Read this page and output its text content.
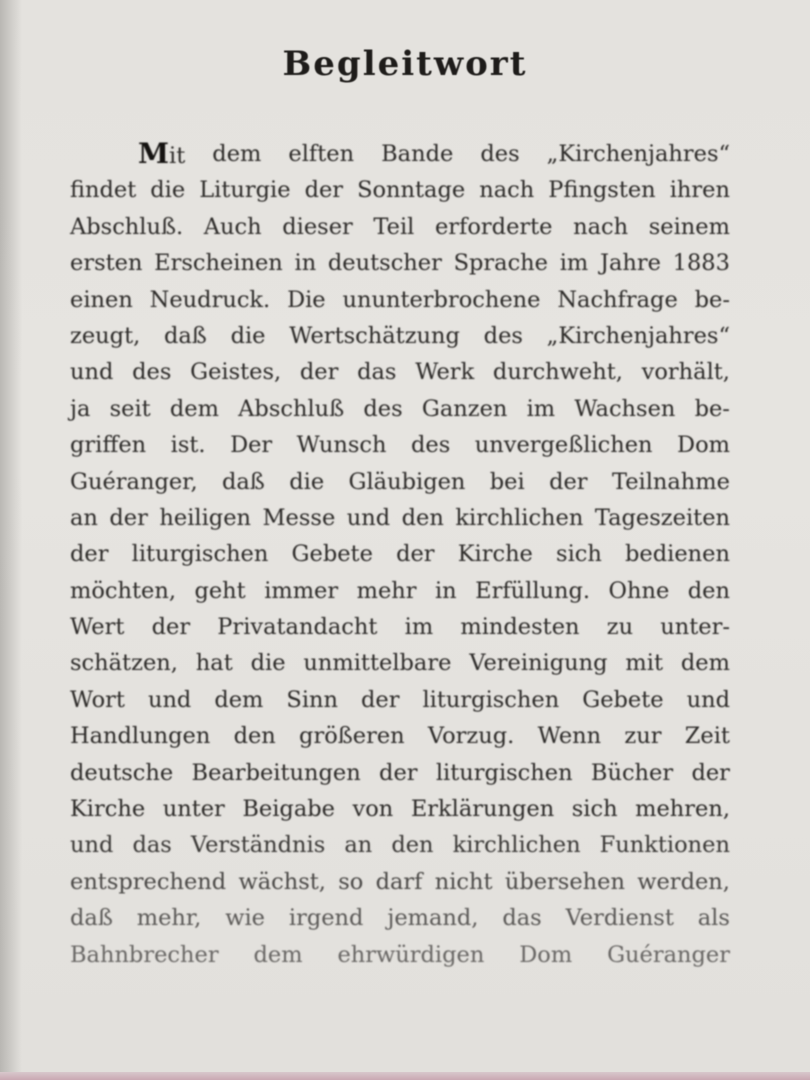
Begleitwort
Mit dem elften Bande des „Kirchenjahres“
findet die Liturgie der Sonntage nach Pfingsten ihren
Abschluß. Auch dieser Teil erforderte nach seinem
ersten Erscheinen in deutscher Sprache im Jahre 1883
einen Neudruck. Die ununterbrochene Nachfrage be-
zeugt, daß die Wertschätzung des „Kirchenjahres“
und des Geistes, der das Werk durchweht, vorhält,
ja seit dem Abschluß des Ganzen im Wachsen be-
griffen ist. Der Wunsch des unvergeßlichen Dom
Guéranger, daß die Gläubigen bei der Teilnahme
an der heiligen Messe und den kirchlichen Tageszeiten
der liturgischen Gebete der Kirche sich bedienen
möchten, geht immer mehr in Erfüllung. Ohne den
Wert der Privatandacht im mindesten zu unter-
schätzen, hat die unmittelbare Vereinigung mit dem
Wort und dem Sinn der liturgischen Gebete und
Handlungen den größeren Vorzug. Wenn zur Zeit
deutsche Bearbeitungen der liturgischen Bücher der
Kirche unter Beigabe von Erklärungen sich mehren,
und das Verständnis an den kirchlichen Funktionen
entsprechend wächst, so darf nicht übersehen werden,
daß mehr, wie irgend jemand, das Verdienst als
Bahnbrecher dem ehrwürdigen Dom Guéranger
